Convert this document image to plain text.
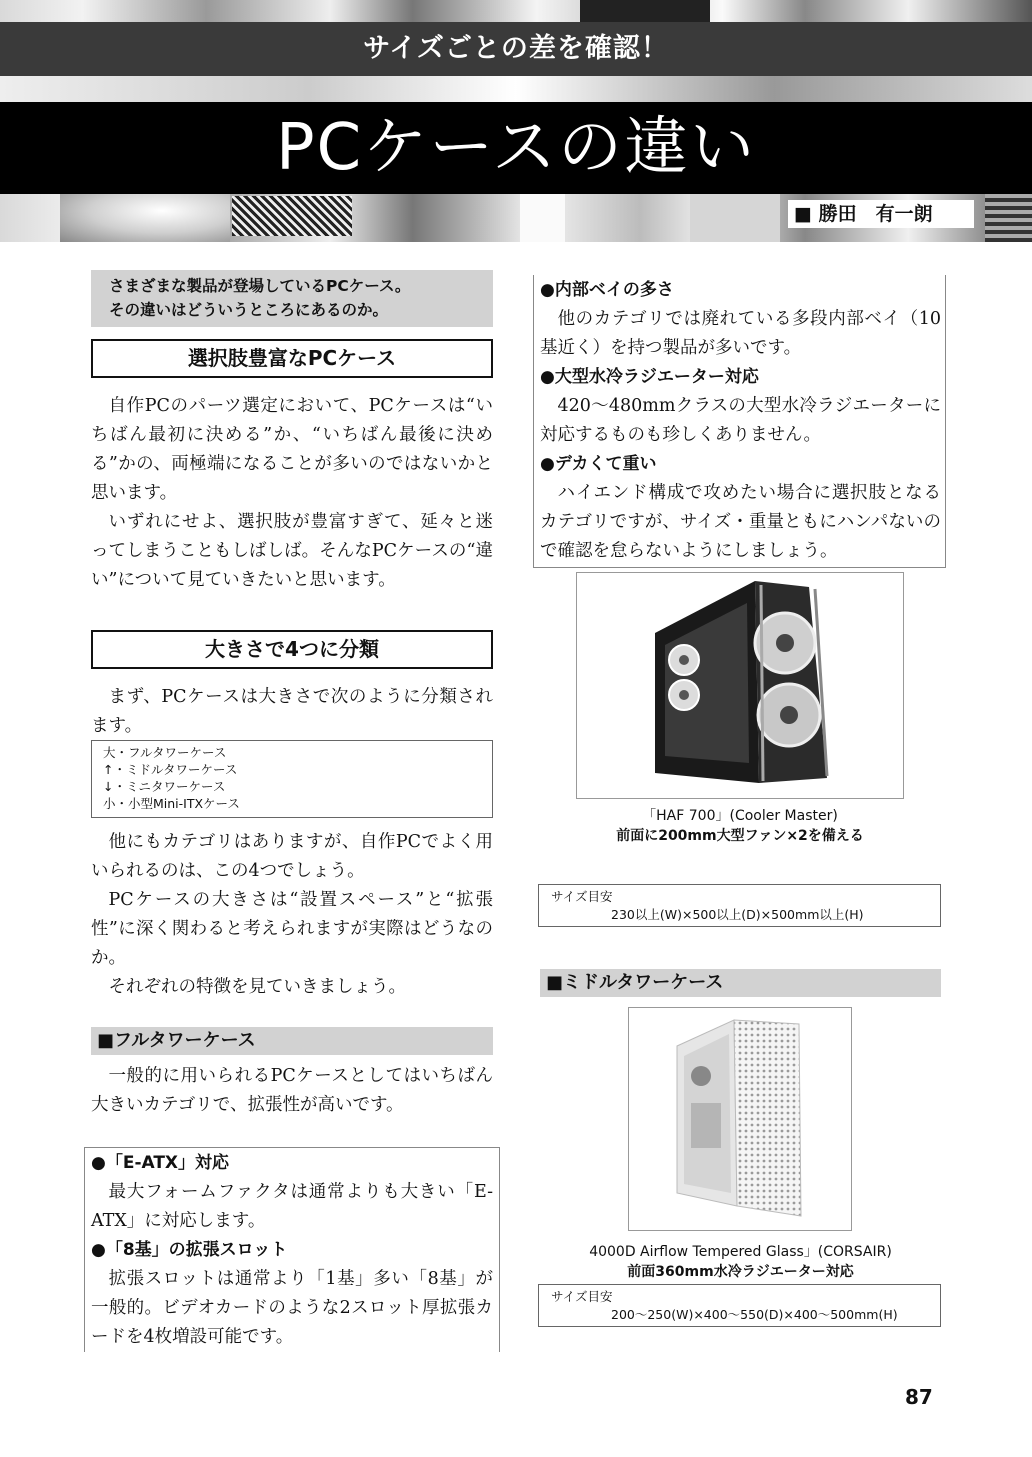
サイズごとの差を確認！
PCケースの違い
■ 勝田　有一朗
さまざまな製品が登場しているPCケース。
その違いはどういうところにあるのか。
選択肢豊富なPCケース

自作PCのパーツ選定において、PCケースは“いちばん最初に決める”か、“いちばん最後に決める”かの、両極端になることが多いのではないかと思います。

いずれにせよ、選択肢が豊富すぎて、延々と迷ってしまうこともしばしば。そんなPCケースの“違い”について見ていきたいと思います。

大きさで4つに分類

まず、PCケースは大きさで次のように分類されます。

大・フルタワーケース
↑・ミドルタワーケース
↓・ミニタワーケース
小・小型Mini-ITXケース

他にもカテゴリはありますが、自作PCでよく用いられるのは、この4つでしょう。

PCケースの大きさは“設置スペース”と“拡張性”に深く関わると考えられますが実際はどうなのか。

それぞれの特徴を見ていきましょう。

■フルタワーケース

一般的に用いられるPCケースとしてはいちばん大きいカテゴリで、拡張性が高いです。

●「E-ATX」対応

最大フォームファクタは通常よりも大きい「E-ATX」に対応します。

●「8基」の拡張スロット

拡張スロットは通常より「1基」多い「8基」が一般的。ビデオカードのような2スロット厚拡張カードを4枚増設可能です。

●内部ベイの多さ

他のカテゴリでは廃れている多段内部ベイ（10基近く）を持つ製品が多いです。

●大型水冷ラジエーター対応

420～480mmクラスの大型水冷ラジエーターに対応するものも珍しくありません。

●デカくて重い

ハイエンド構成で攻めたい場合に選択肢となるカテゴリですが、サイズ・重量ともにハンパないので確認を怠らないようにしましょう。

「HAF 700」(Cooler Master)
前面に200mm大型ファン×2を備える
サイズ目安
230以上(W)×500以上(D)×500mm以上(H)
■ミドルタワーケース
4000D Airflow Tempered Glass」(CORSAIR)
前面360mm水冷ラジエーター対応
サイズ目安
200～250(W)×400～550(D)×400～500mm(H)
87
